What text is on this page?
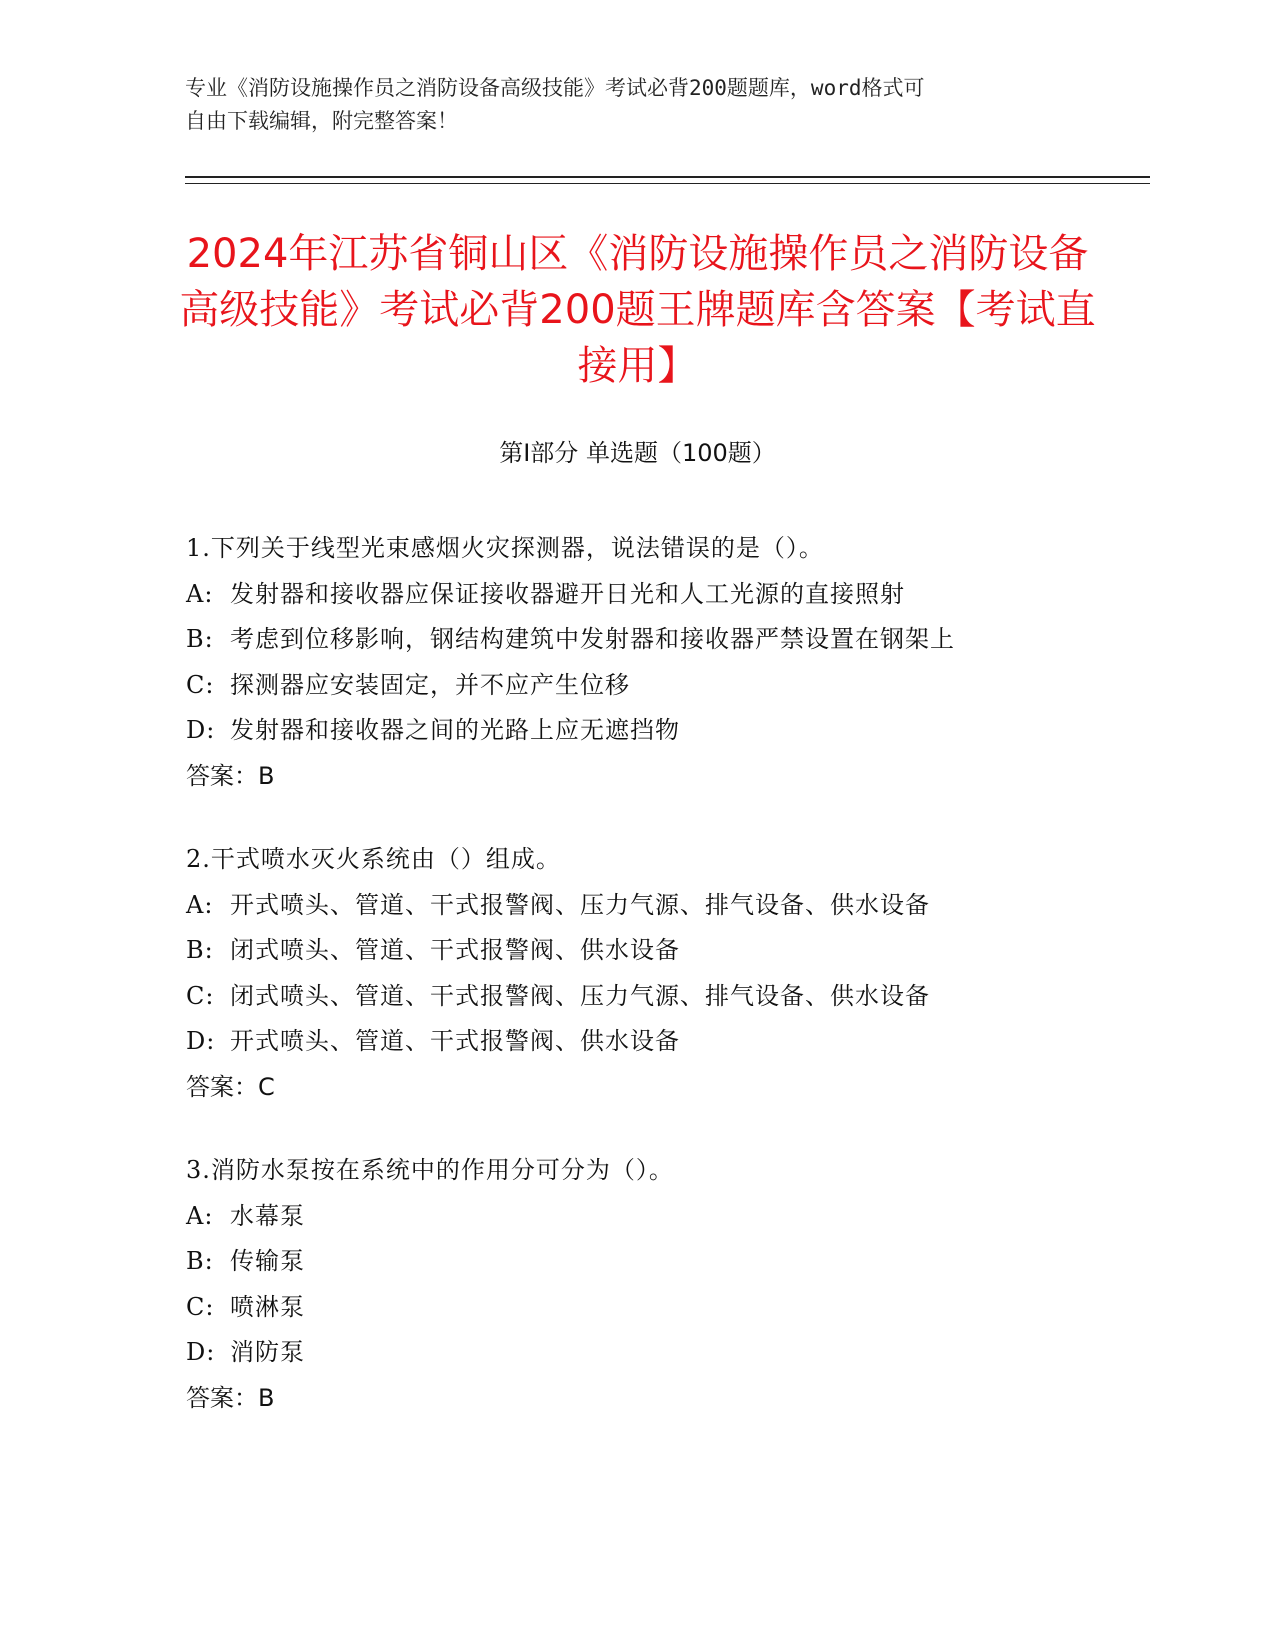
专业《消防设施操作员之消防设备高级技能》考试必背200题题库，word格式可

自由下载编辑，附完整答案！

2024年江苏省铜山区《消防设施操作员之消防设备高级技能》考试必背200题王牌题库含答案【考试直接用】
第Ⅰ部分 单选题（100题）
1.下列关于线型光束感烟火灾探测器，说法错误的是（）。
A: 发射器和接收器应保证接收器避开日光和人工光源的直接照射
B: 考虑到位移影响，钢结构建筑中发射器和接收器严禁设置在钢架上
C: 探测器应安装固定，并不应产生位移
D: 发射器和接收器之间的光路上应无遮挡物
答案：B
2.干式喷水灭火系统由（）组成。
A: 开式喷头、管道、干式报警阀、压力气源、排气设备、供水设备
B: 闭式喷头、管道、干式报警阀、供水设备
C: 闭式喷头、管道、干式报警阀、压力气源、排气设备、供水设备
D: 开式喷头、管道、干式报警阀、供水设备
答案：C
3.消防水泵按在系统中的作用分可分为（）。
A: 水幕泵
B: 传输泵
C: 喷淋泵
D: 消防泵
答案：B
